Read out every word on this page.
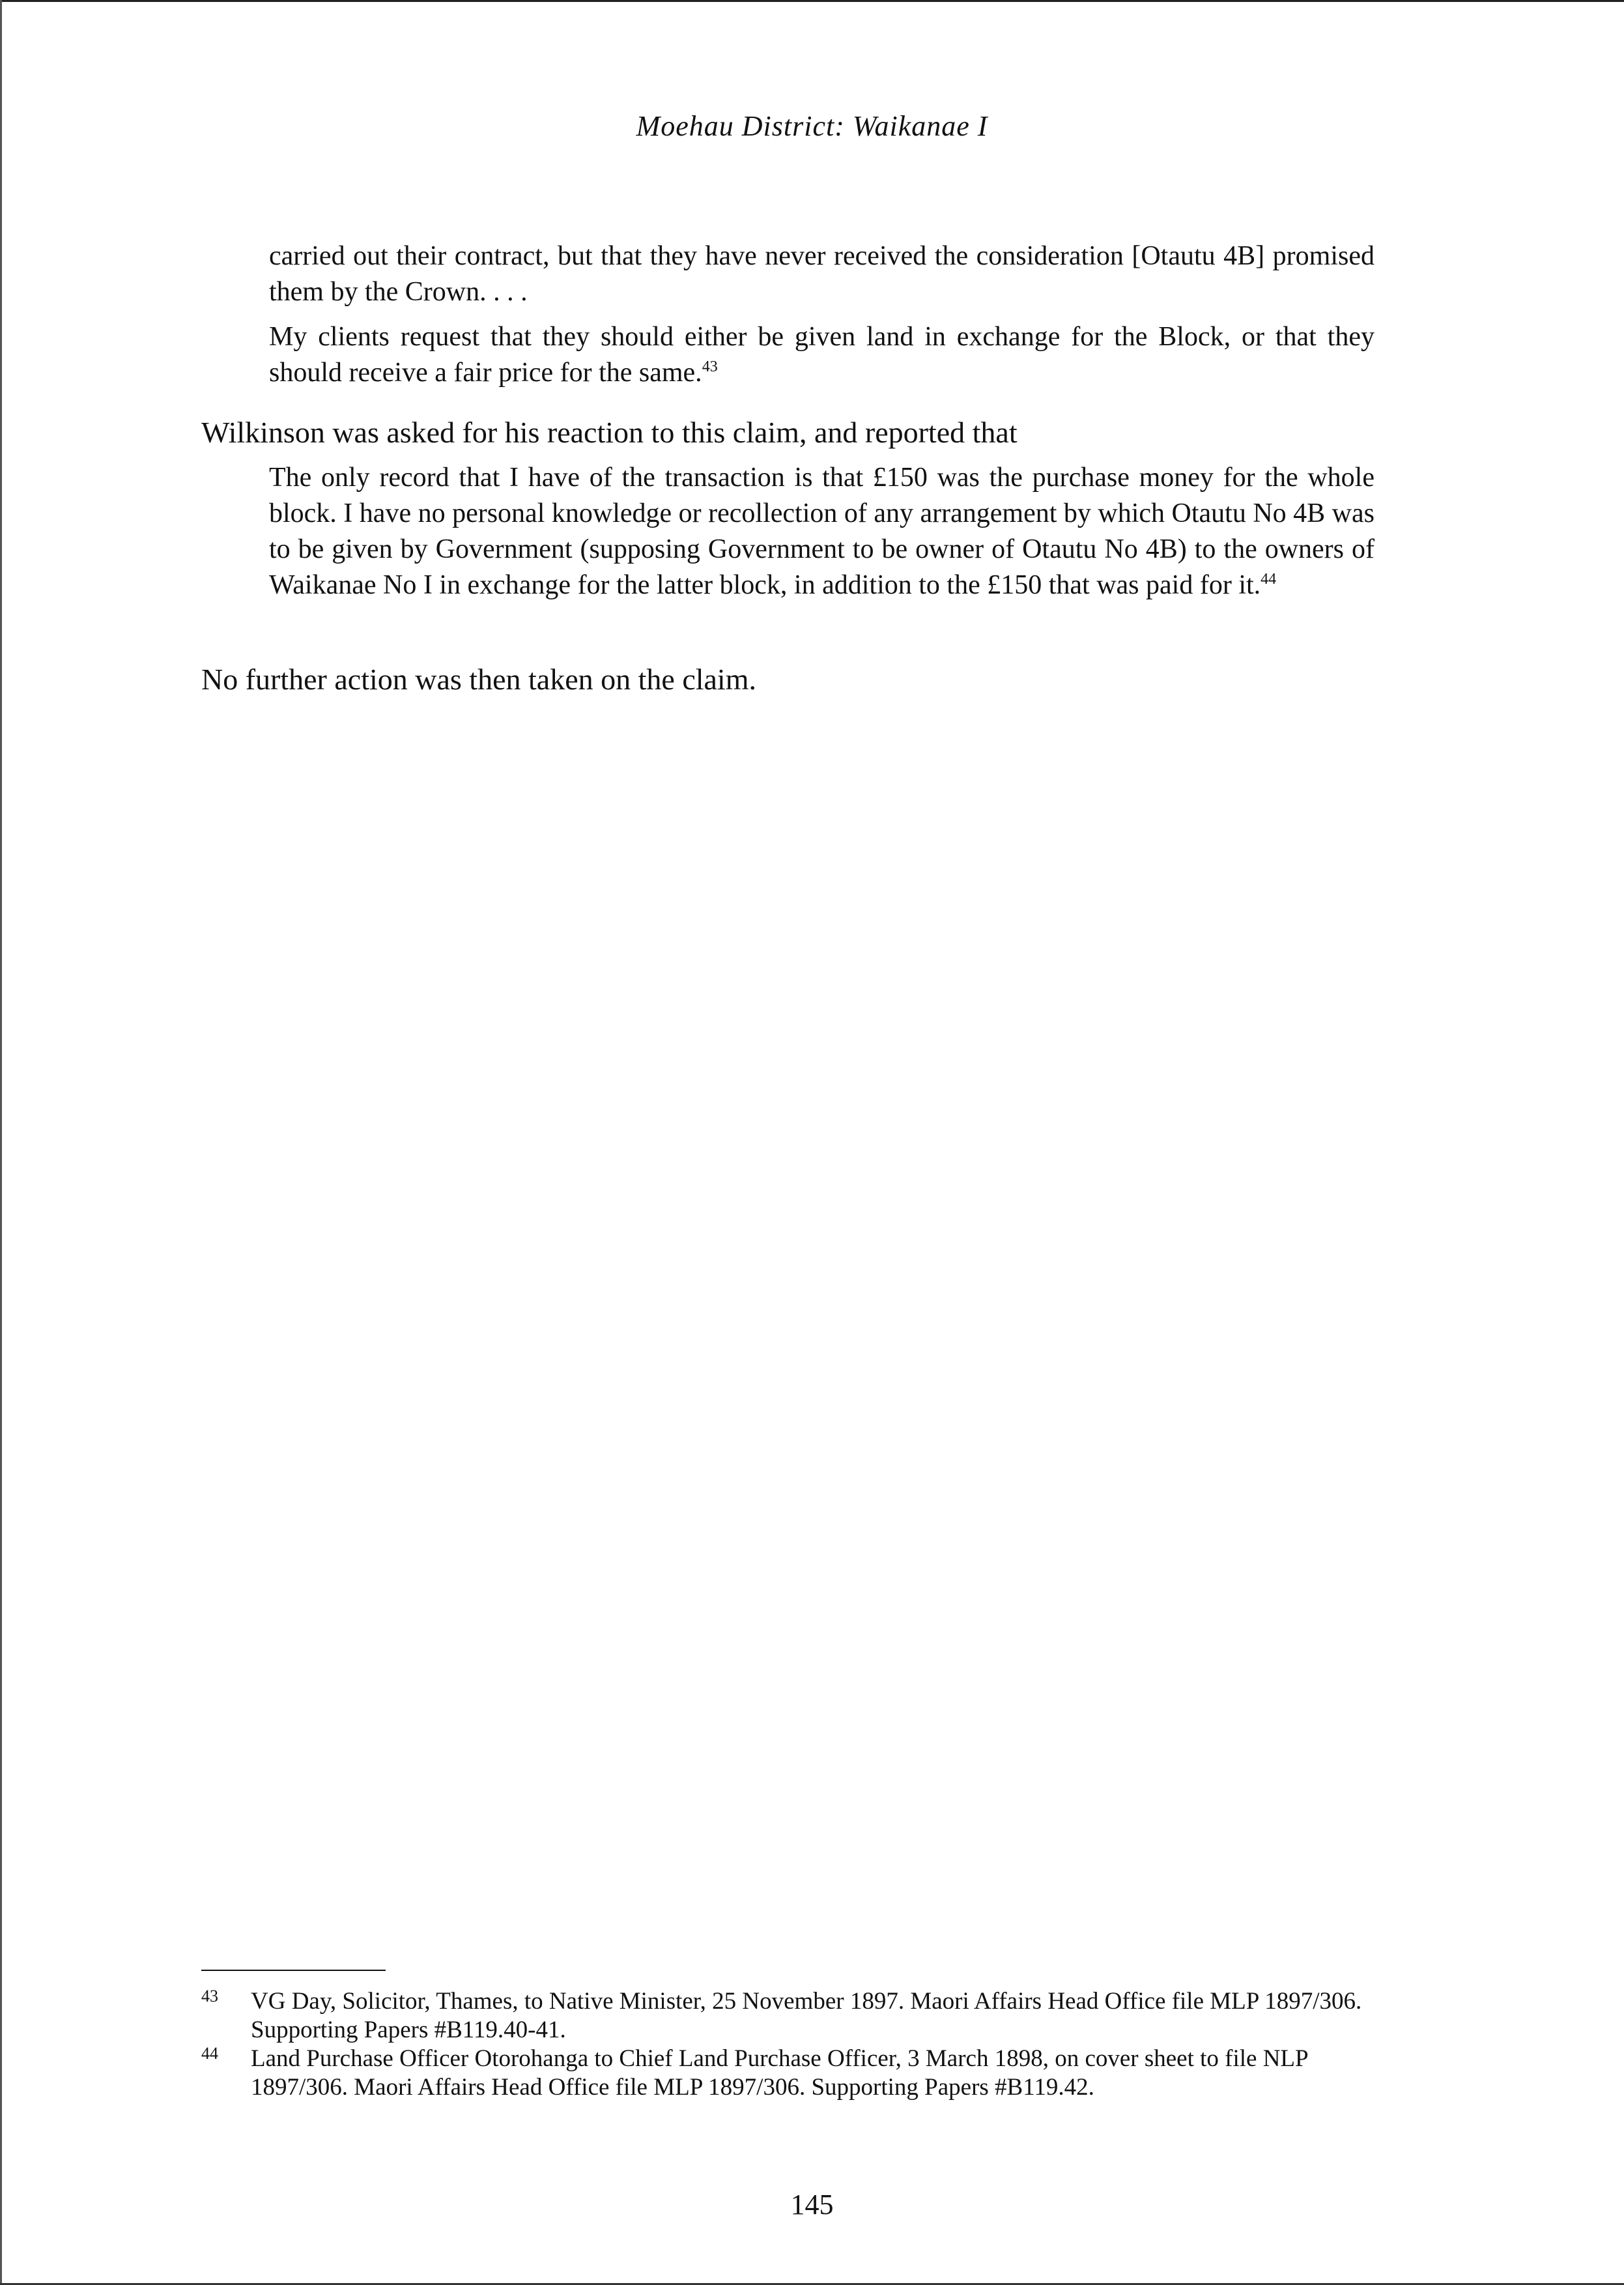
Moehau District: Waikanae I

carried out their contract, but that they have never received the consideration [Otautu 4B] promised them by the Crown. . . .

My clients request that they should either be given land in exchange for the Block, or that they should receive a fair price for the same.$^{43}$

Wilkinson was asked for his reaction to this claim, and reported that

The only record that I have of the transaction is that £150 was the purchase money for the whole block. I have no personal knowledge or recollection of any arrangement by which Otautu No 4B was to be given by Government (supposing Government to be owner of Otautu No 4B) to the owners of Waikanae No I in exchange for the latter block, in addition to the £150 that was paid for it.$^{44}$

No further action was then taken on the claim.

43 VG Day, Solicitor, Thames, to Native Minister, 25 November 1897. Maori Affairs Head Office file MLP 1897/306. Supporting Papers #B119.40-41.

44 Land Purchase Officer Otorohanga to Chief Land Purchase Officer, 3 March 1898, on cover sheet to file NLP 1897/306. Maori Affairs Head Office file MLP 1897/306. Supporting Papers #B119.42.

145
